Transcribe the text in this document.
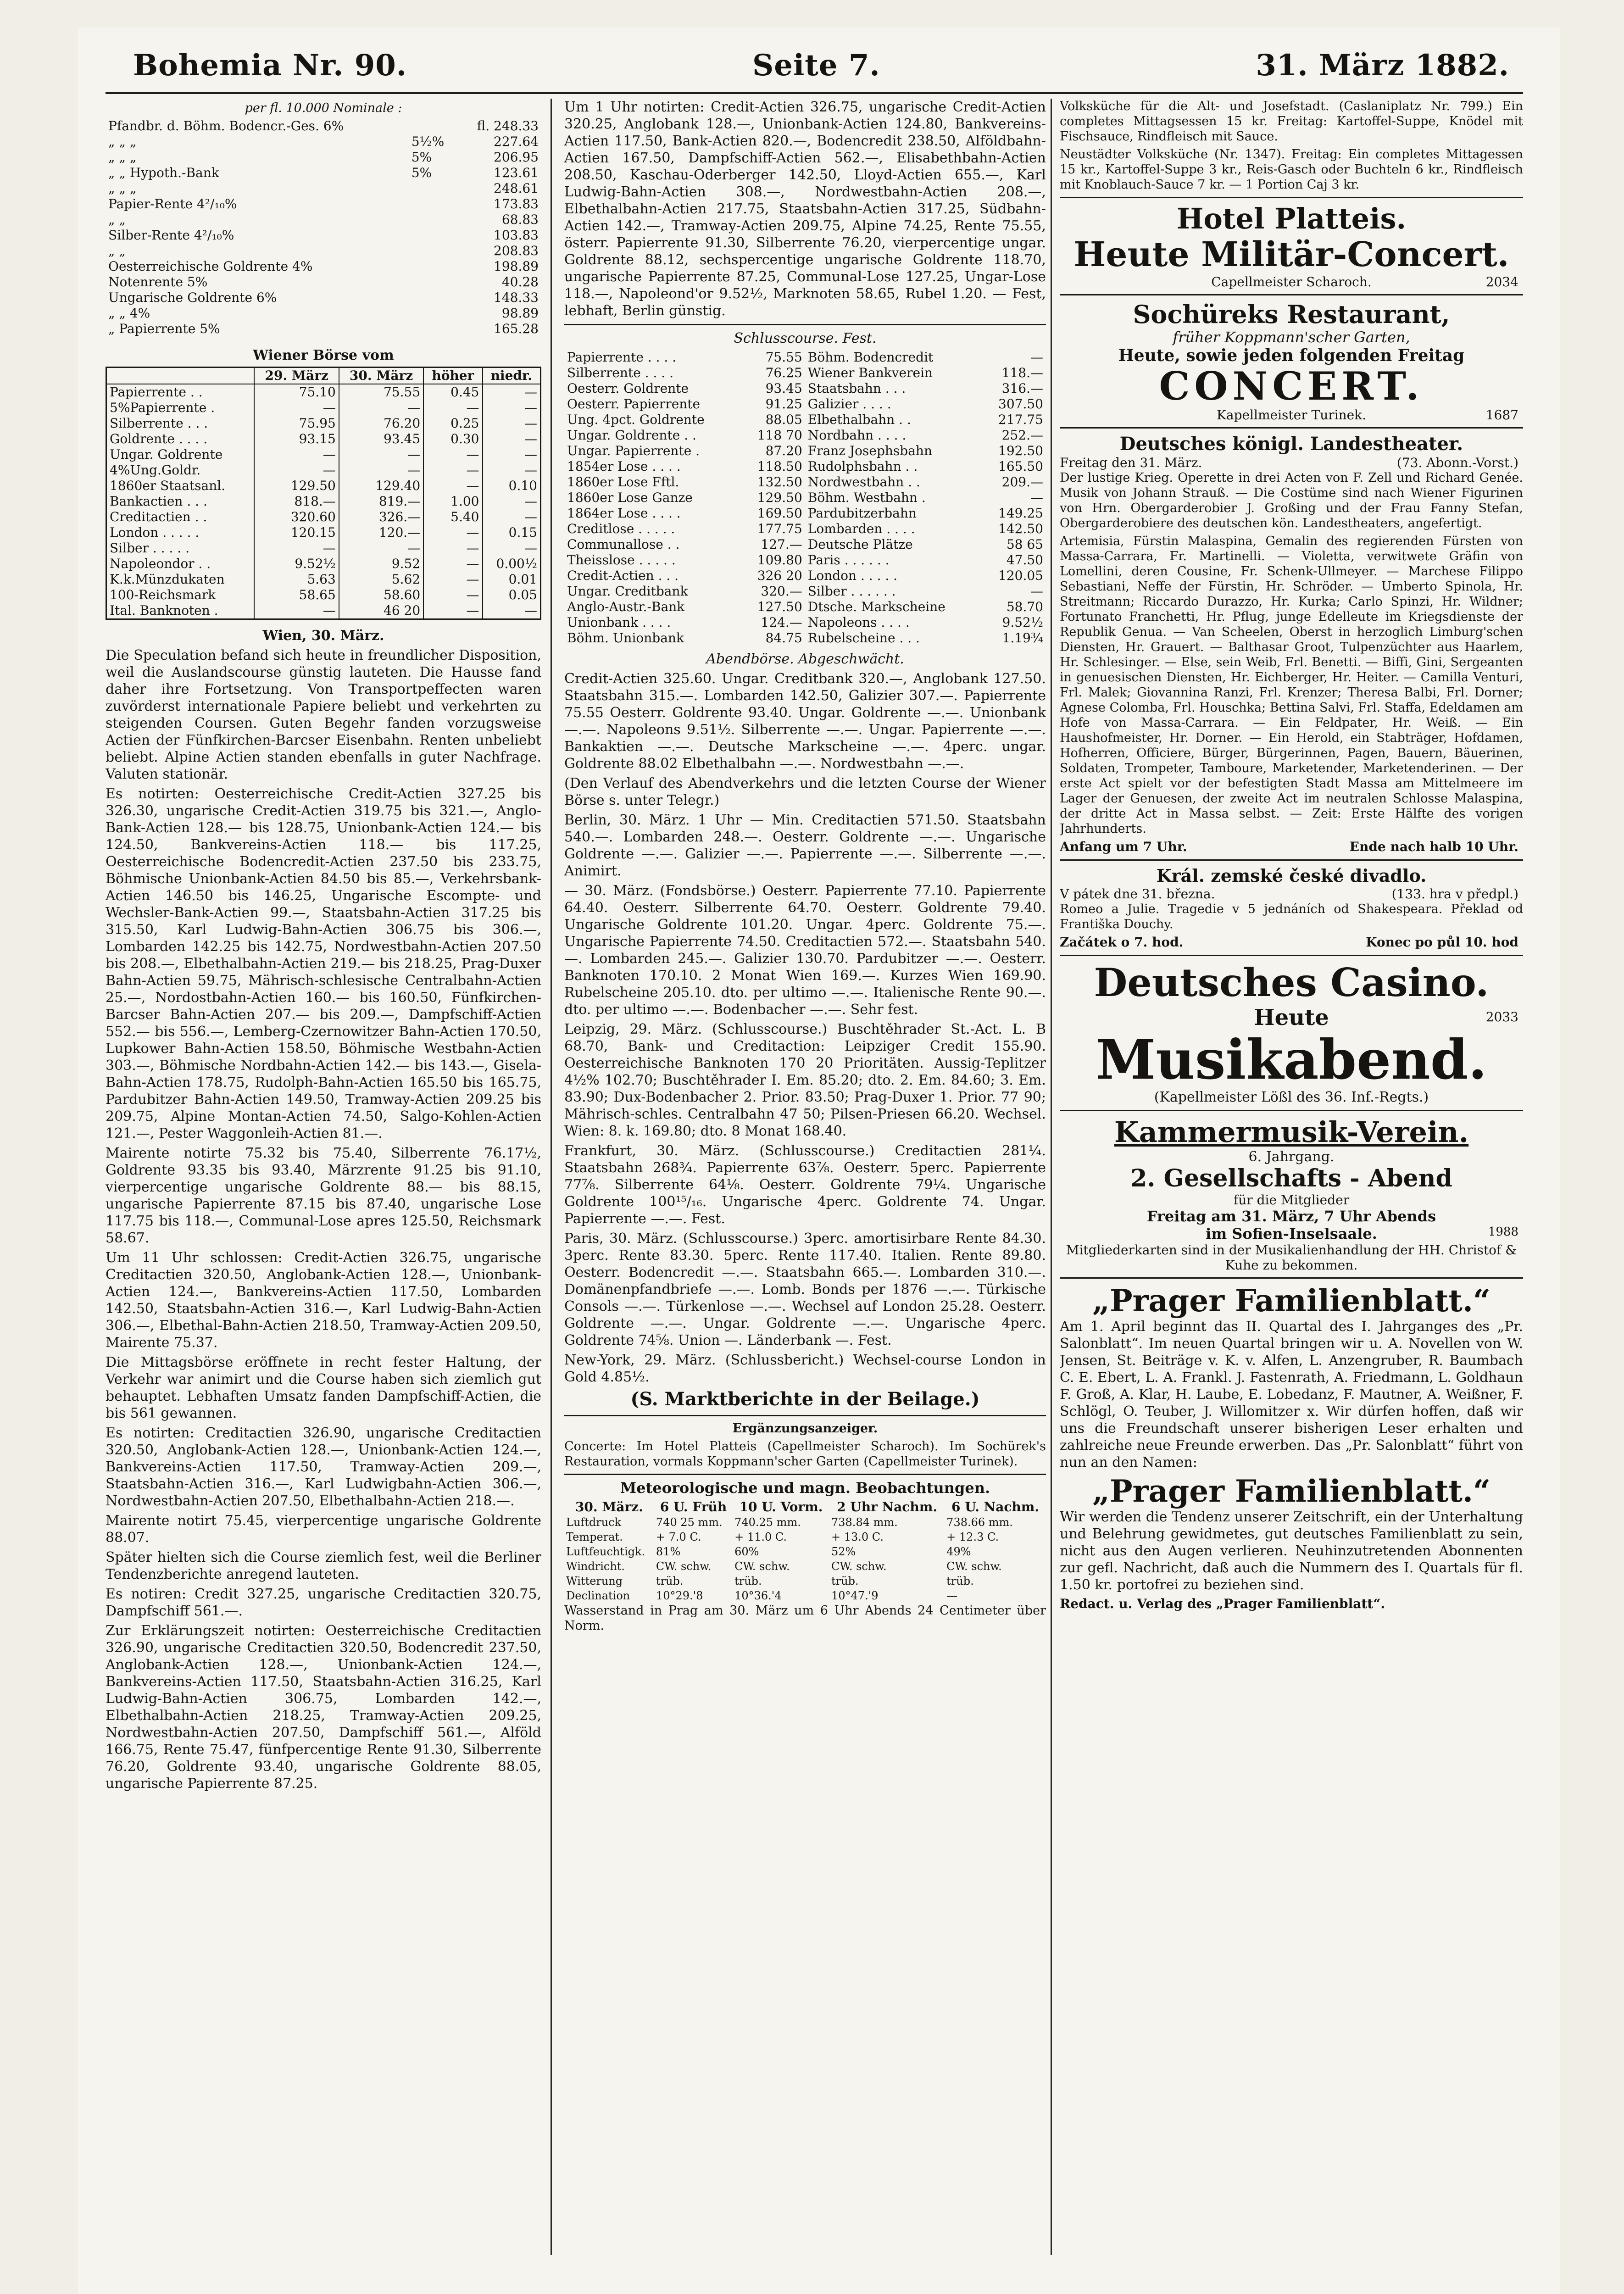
Bohemia Nr. 90.	Seite 7.	31. März 1882.
per fl. 10.000 Nominale :
Pfandbr. d. Böhm. Bodencr.-Ges. 6%		fl. 248.33
„ „ „	5½%	227.64
„ „ „	5%	206.95
„ „ Hypoth.-Bank	5%	123.61
„ „ „		248.61
Papier-Rente 4²/₁₀%		173.83
„ „		68.83
Silber-Rente 4²/₁₀%		103.83
„ „		208.83
Oesterreichische Goldrente 4%		198.89
Notenrente 5%		40.28
Ungarische Goldrente 6%		148.33
„ „ 4%		98.89
„ Papierrente 5%		165.28
Wiener Börse vom
	29. März	30. März	höher	niedr.
Papierrente . .	75.10	75.55	0.45	—
5%Papierrente .	—	—	—	—
Silberrente . . .	75.95	76.20	0.25	—
Goldrente . . . .	93.15	93.45	0.30	—
Ungar. Goldrente	—	—	—	—
4%Ung.Goldr.	—	—	—	—
1860er Staatsanl.	129.50	129.40	—	0.10
Bankactien . . .	818.—	819.—	1.00	—
Creditactien . .	320.60	326.—	5.40	—
London . . . . .	120.15	120.—	—	0.15
Silber . . . . .	—	—	—	—
Napoleondor . .	9.52½	9.52	—	0.00½
K.k.Münzdukaten	5.63	5.62	—	0.01
100-Reichsmark	58.65	58.60	—	0.05
Ital. Banknoten .	—	46 20	—	—
Wien, 30. März.

Die Speculation befand sich heute in freundlicher Disposition, weil die Auslandscourse günstig lauteten. Die Hausse fand daher ihre Fortsetzung. Von Transportpeffecten waren zuvörderst internationale Papiere beliebt und verkehrten zu steigenden Coursen. Guten Begehr fanden vorzugsweise Actien der Fünfkirchen-Barcser Eisenbahn. Renten unbeliebt beliebt. Alpine Actien standen ebenfalls in guter Nachfrage. Valuten stationär.

Es notirten: Oesterreichische Credit-Actien 327.25 bis 326.30, ungarische Credit-Actien 319.75 bis 321.—, Anglo-Bank-Actien 128.— bis 128.75, Unionbank-Actien 124.— bis 124.50, Bankvereins-Actien 118.— bis 117.25, Oesterreichische Bodencredit-Actien 237.50 bis 233.75, Böhmische Unionbank-Actien 84.50 bis 85.—, Verkehrsbank-Actien 146.50 bis 146.25, Ungarische Escompte- und Wechsler-Bank-Actien 99.—, Staatsbahn-Actien 317.25 bis 315.50, Karl Ludwig-Bahn-Actien 306.75 bis 306.—, Lombarden 142.25 bis 142.75, Nordwestbahn-Actien 207.50 bis 208.—, Elbethalbahn-Actien 219.— bis 218.25, Prag-Duxer Bahn-Actien 59.75, Mährisch-schlesische Centralbahn-Actien 25.—, Nordostbahn-Actien 160.— bis 160.50, Fünfkirchen-Barcser Bahn-Actien 207.— bis 209.—, Dampfschiff-Actien 552.— bis 556.—, Lemberg-Czernowitzer Bahn-Actien 170.50, Lupkower Bahn-Actien 158.50, Böhmische Westbahn-Actien 303.—, Böhmische Nordbahn-Actien 142.— bis 143.—, Gisela-Bahn-Actien 178.75, Rudolph-Bahn-Actien 165.50 bis 165.75, Pardubitzer Bahn-Actien 149.50, Tramway-Actien 209.25 bis 209.75, Alpine Montan-Actien 74.50, Salgo-Kohlen-Actien 121.—, Pester Waggonleih-Actien 81.—.

Mairente notirte 75.32 bis 75.40, Silberrente 76.17½, Goldrente 93.35 bis 93.40, Märzrente 91.25 bis 91.10, vierpercentige ungarische Goldrente 88.— bis 88.15, ungarische Papierrente 87.15 bis 87.40, ungarische Lose 117.75 bis 118.—, Communal-Lose apres 125.50, Reichsmark 58.67.

Um 11 Uhr schlossen: Credit-Actien 326.75, ungarische Creditactien 320.50, Anglobank-Actien 128.—, Unionbank-Actien 124.—, Bankvereins-Actien 117.50, Lombarden 142.50, Staatsbahn-Actien 316.—, Karl Ludwig-Bahn-Actien 306.—, Elbethal-Bahn-Actien 218.50, Tramway-Actien 209.50, Mairente 75.37.

Die Mittagsbörse eröffnete in recht fester Haltung, der Verkehr war animirt und die Course haben sich ziemlich gut behauptet. Lebhaften Umsatz fanden Dampfschiff-Actien, die bis 561 gewannen.

Es notirten: Creditactien 326.90, ungarische Creditactien 320.50, Anglobank-Actien 128.—, Unionbank-Actien 124.—, Bankvereins-Actien 117.50, Tramway-Actien 209.—, Staatsbahn-Actien 316.—, Karl Ludwigbahn-Actien 306.—, Nordwestbahn-Actien 207.50, Elbethalbahn-Actien 218.—.

Mairente notirt 75.45, vierpercentige ungarische Goldrente 88.07.

Später hielten sich die Course ziemlich fest, weil die Berliner Tendenzberichte anregend lauteten.

Es notiren: Credit 327.25, ungarische Creditactien 320.75, Dampfschiff 561.—.

Zur Erklärungszeit notirten: Oesterreichische Creditactien 326.90, ungarische Creditactien 320.50, Bodencredit 237.50, Anglobank-Actien 128.—, Unionbank-Actien 124.—, Bankvereins-Actien 117.50, Staatsbahn-Actien 316.25, Karl Ludwig-Bahn-Actien 306.75, Lombarden 142.—, Elbethalbahn-Actien 218.25, Tramway-Actien 209.25, Nordwestbahn-Actien 207.50, Dampfschiff 561.—, Alföld 166.75, Rente 75.47, fünfpercentige Rente 91.30, Silberrente 76.20, Goldrente 93.40, ungarische Goldrente 88.05, ungarische Papierrente 87.25.

Um 1 Uhr notirten: Credit-Actien 326.75, ungarische Credit-Actien 320.25, Anglobank 128.—, Unionbank-Actien 124.80, Bankvereins-Actien 117.50, Bank-Actien 820.—, Bodencredit 238.50, Alföldbahn-Actien 167.50, Dampfschiff-Actien 562.—, Elisabethbahn-Actien 208.50, Kaschau-Oderberger 142.50, Lloyd-Actien 655.—, Karl Ludwig-Bahn-Actien 308.—, Nordwestbahn-Actien 208.—, Elbethalbahn-Actien 217.75, Staatsbahn-Actien 317.25, Südbahn-Actien 142.—, Tramway-Actien 209.75, Alpine 74.25, Rente 75.55, österr. Papierrente 91.30, Silberrente 76.20, vierpercentige ungar. Goldrente 88.12, sechspercentige ungarische Goldrente 118.70, ungarische Papierrente 87.25, Communal-Lose 127.25, Ungar-Lose 118.—, Napoleond'or 9.52½, Marknoten 58.65, Rubel 1.20. — Fest, lebhaft, Berlin günstig.

Schlusscourse. Fest.
Papierrente . . . .	75.55	Böhm. Bodencredit	—
Silberrente . . . .	76.25	Wiener Bankverein	118.—
Oesterr. Goldrente	93.45	Staatsbahn . . .	316.—
Oesterr. Papierrente	91.25	Galizier . . . .	307.50
Ung. 4pct. Goldrente	88.05	Elbethalbahn . .	217.75
Ungar. Goldrente . .	118 70	Nordbahn . . . .	252.—
Ungar. Papierrente .	87.20	Franz Josephsbahn	192.50
1854er Lose . . . .	118.50	Rudolphsbahn . .	165.50
1860er Lose Fftl.	132.50	Nordwestbahn . .	209.—
1860er Lose Ganze	129.50	Böhm. Westbahn .	—
1864er Lose . . . .	169.50	Pardubitzerbahn	149.25
Creditlose . . . . .	177.75	Lombarden . . . .	142.50
Communallose . .	127.—	Deutsche Plätze	58 65
Theisslose . . . . .	109.80	Paris . . . . . .	47.50
Credit-Actien . . .	326 20	London . . . . .	120.05
Ungar. Creditbank	320.—	Silber . . . . . .	—
Anglo-Austr.-Bank	127.50	Dtsche. Markscheine	58.70
Unionbank . . . .	124.—	Napoleons . . . .	9.52½
Böhm. Unionbank	84.75	Rubelscheine . . .	1.19¾
Abendbörse. Abgeschwächt.

Credit-Actien 325.60. Ungar. Creditbank 320.—, Anglobank 127.50. Staatsbahn 315.—. Lombarden 142.50, Galizier 307.—. Papierrente 75.55 Oesterr. Goldrente 93.40. Ungar. Goldrente —.—. Unionbank —.—. Napoleons 9.51½. Silberrente —.—. Ungar. Papierrente —.—. Bankaktien —.—. Deutsche Markscheine —.—. 4perc. ungar. Goldrente 88.02 Elbethalbahn —.—. Nordwestbahn —.—.

(Den Verlauf des Abendverkehrs und die letzten Course der Wiener Börse s. unter Telegr.)

Berlin, 30. März. 1 Uhr — Min. Creditactien 571.50. Staatsbahn 540.—. Lombarden 248.—. Oesterr. Goldrente —.—. Ungarische Goldrente —.—. Galizier —.—. Papierrente —.—. Silberrente —.—. Animirt.

— 30. März. (Fondsbörse.) Oesterr. Papierrente 77.10. Papierrente 64.40. Oesterr. Silberrente 64.70. Oesterr. Goldrente 79.40. Ungarische Goldrente 101.20. Ungar. 4perc. Goldrente 75.—. Ungarische Papierrente 74.50. Creditactien 572.—. Staatsbahn 540.—. Lombarden 245.—. Galizier 130.70. Pardubitzer —.—. Oesterr. Banknoten 170.10. 2 Monat Wien 169.—. Kurzes Wien 169.90. Rubelscheine 205.10. dto. per ultimo —.—. Italienische Rente 90.—. dto. per ultimo —.—. Bodenbacher —.—. Sehr fest.

Leipzig, 29. März. (Schlusscourse.) Buschtěhrader St.-Act. L. B 68.70, Bank- und Creditaction: Leipziger Credit 155.90. Oesterreichische Banknoten 170 20 Prioritäten. Aussig-Teplitzer 4½% 102.70; Buschtěhrader I. Em. 85.20; dto. 2. Em. 84.60; 3. Em. 83.90; Dux-Bodenbacher 2. Prior. 83.50; Prag-Duxer 1. Prior. 77 90; Mährisch-schles. Centralbahn 47 50; Pilsen-Priesen 66.20. Wechsel. Wien: 8. k. 169.80; dto. 8 Monat 168.40.

Frankfurt, 30. März. (Schlusscourse.) Creditactien 281¼. Staatsbahn 268¾. Papierrente 63⅞. Oesterr. 5perc. Papierrente 77⅞. Silberrente 64⅛. Oesterr. Goldrente 79¼. Ungarische Goldrente 100¹⁵/₁₆. Ungarische 4perc. Goldrente 74. Ungar. Papierrente —.—. Fest.

Paris, 30. März. (Schlusscourse.) 3perc. amortisirbare Rente 84.30. 3perc. Rente 83.30. 5perc. Rente 117.40. Italien. Rente 89.80. Oesterr. Bodencredit —.—. Staatsbahn 665.—. Lombarden 310.—. Domänenpfandbriefe —.—. Lomb. Bonds per 1876 —.—. Türkische Consols —.—. Türkenlose —.—. Wechsel auf London 25.28. Oesterr. Goldrente —.—. Ungar. Goldrente —.—. Ungarische 4perc. Goldrente 74⅝. Union —. Länderbank —. Fest.

New-York, 29. März. (Schlussbericht.) Wechsel-course London in Gold 4.85½.

(S. Marktberichte in der Beilage.)
Ergänzungsanzeiger.

Concerte: Im Hotel Platteis (Capellmeister Scharoch). Im Sochürek's Restauration, vormals Koppmann'scher Garten (Capellmeister Turinek).

Meteorologische und magn. Beobachtungen.
30. März.	6 U. Früh	10 U. Vorm.	2 Uhr Nachm.	6 U. Nachm.
Luftdruck	740 25 mm.	740.25 mm.	738.84 mm.	738.66 mm.
Temperat.	+ 7.0 C.	+ 11.0 C.	+ 13.0 C.	+ 12.3 C.
Luftfeuchtigk.	81%	60%	52%	49%
Windricht.	CW. schw.	CW. schw.	CW. schw.	CW. schw.
Witterung	trüb.	trüb.	trüb.	trüb.
Declination	10°29.'8	10°36.'4	10°47.'9	—

Wasserstand in Prag am 30. März um 6 Uhr Abends 24 Centimeter über Norm.

Volksküche für die Alt- und Josefstadt. (Caslaniplatz Nr. 799.) Ein completes Mittagsessen 15 kr. Freitag: Kartoffel-Suppe, Knödel mit Fischsauce, Rindfleisch mit Sauce.

Neustädter Volksküche (Nr. 1347). Freitag: Ein completes Mittagessen 15 kr., Kartoffel-Suppe 3 kr., Reis-Gasch oder Buchteln 6 kr., Rindfleisch mit Knoblauch-Sauce 7 kr. — 1 Portion Caj 3 kr.

Hotel Platteis.
Heute Militär-Concert.
Capellmeister Scharoch.	2034
Sochüreks Restaurant,
früher Koppmann'scher Garten,
Heute, sowie jeden folgenden Freitag
CONCERT.
Kapellmeister Turinek.	1687
Deutsches königl. Landestheater.
Freitag den 31. März.	(73. Abonn.-Vorst.)

Der lustige Krieg. Operette in drei Acten von F. Zell und Richard Genée. Musik von Johann Strauß. — Die Costüme sind nach Wiener Figurinen von Hrn. Obergarderobier J. Großing und der Frau Fanny Stefan, Obergarderobiere des deutschen kön. Landestheaters, angefertigt.

Artemisia, Fürstin Malaspina, Gemalin des regierenden Fürsten von Massa-Carrara, Fr. Martinelli. — Violetta, verwitwete Gräfin von Lomellini, deren Cousine, Fr. Schenk-Ullmeyer. — Marchese Filippo Sebastiani, Neffe der Fürstin, Hr. Schröder. — Umberto Spinola, Hr. Streitmann; Riccardo Durazzo, Hr. Kurka; Carlo Spinzi, Hr. Wildner; Fortunato Franchetti, Hr. Pflug, junge Edelleute im Kriegsdienste der Republik Genua. — Van Scheelen, Oberst in herzoglich Limburg'schen Diensten, Hr. Grauert. — Balthasar Groot, Tulpenzüchter aus Haarlem, Hr. Schlesinger. — Else, sein Weib, Frl. Benetti. — Biffi, Gini, Sergeanten in genuesischen Diensten, Hr. Eichberger, Hr. Heiter. — Camilla Venturi, Frl. Malek; Giovannina Ranzi, Frl. Krenzer; Theresa Balbi, Frl. Dorner; Agnese Colomba, Frl. Houschka; Bettina Salvi, Frl. Staffa, Edeldamen am Hofe von Massa-Carrara. — Ein Feldpater, Hr. Weiß. — Ein Haushofmeister, Hr. Dorner. — Ein Herold, ein Stabträger, Hofdamen, Hofherren, Officiere, Bürger, Bürgerinnen, Pagen, Bauern, Bäuerinen, Soldaten, Trompeter, Tamboure, Marketender, Marketenderinen. — Der erste Act spielt vor der befestigten Stadt Massa am Mittelmeere im Lager der Genuesen, der zweite Act im neutralen Schlosse Malaspina, der dritte Act in Massa selbst. — Zeit: Erste Hälfte des vorigen Jahrhunderts.

Anfang um 7 Uhr.	Ende nach halb 10 Uhr.
Král. zemské české divadlo.
V pátek dne 31. března.	(133. hra v předpl.)

Romeo a Julie. Tragedie v 5 jednáních od Shakespeara. Překlad od Františka Douchy.

Začátek o 7. hod.	Konec po půl 10. hod
Deutsches Casino.
Heute	2033
Musikabend.
(Kapellmeister Lößl des 36. Inf.-Regts.)
Kammermusik-Verein.
6. Jahrgang.
2. Gesellschafts - Abend
für die Mitglieder
Freitag am 31. März, 7 Uhr Abends
im Sofien-Inselsaale.	1988
Mitgliederkarten sind in der Musikalienhandlung der HH. Christof & Kuhe zu bekommen.
„Prager Familienblatt.“

Am 1. April beginnt das II. Quartal des I. Jahrganges des „Pr. Salonblatt“. Im neuen Quartal bringen wir u. A. Novellen von W. Jensen, St. Beiträge v. K. v. Alfen, L. Anzengruber, R. Baumbach C. E. Ebert, L. A. Frankl. J. Fastenrath, A. Friedmann, L. Goldhaun F. Groß, A. Klar, H. Laube, E. Lobedanz, F. Mautner, A. Weißner, F. Schlögl, O. Teuber, J. Willomitzer x. Wir dürfen hoffen, daß wir uns die Freundschaft unserer bisherigen Leser erhalten und zahlreiche neue Freunde erwerben. Das „Pr. Salonblatt“ führt von nun an den Namen:

„Prager Familienblatt.“

Wir werden die Tendenz unserer Zeitschrift, ein der Unterhaltung und Belehrung gewidmetes, gut deutsches Familienblatt zu sein, nicht aus den Augen verlieren. Neuhinzutretenden Abonnenten zur gefl. Nachricht, daß auch die Nummern des I. Quartals für fl. 1.50 kr. portofrei zu beziehen sind.

Redact. u. Verlag des „Prager Familienblatt“.
